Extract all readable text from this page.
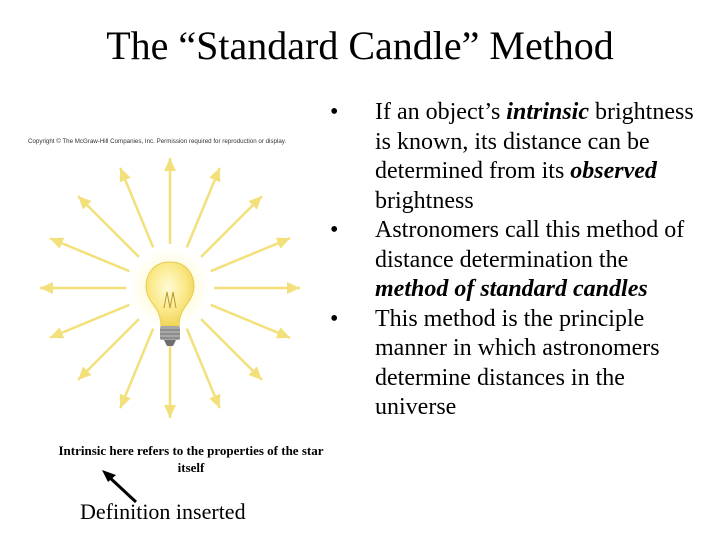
The “Standard Candle” Method
Copyright © The McGraw-Hill Companies, Inc. Permission required for reproduction or display.
Intrinsic here refers to the properties of the star itself
Definition inserted
• If an object’s intrinsic brightness is known, its distance can be determined from its observed brightness
• Astronomers call this method of distance determination the method of standard candles
• This method is the principle manner in which astronomers determine distances in the universe
